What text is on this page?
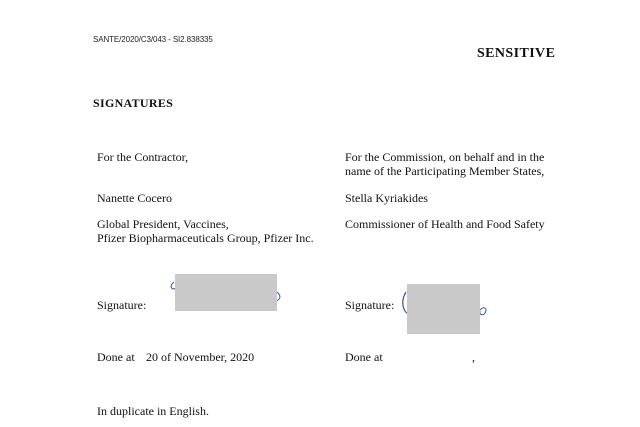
SANTE/2020/C3/043 - SI2.838335
SENSITIVE
SIGNATURES
For the Contractor,
Nanette Cocero
Global President, Vaccines,
Pfizer Biopharmaceuticals Group, Pfizer Inc.
Signature:
Done at 20 of November, 2020
For the Commission, on behalf and in the
name of the Participating Member States,
Stella Kyriakides
Commissioner of Health and Food Safety
Signature:
Done at	,
In duplicate in English.
